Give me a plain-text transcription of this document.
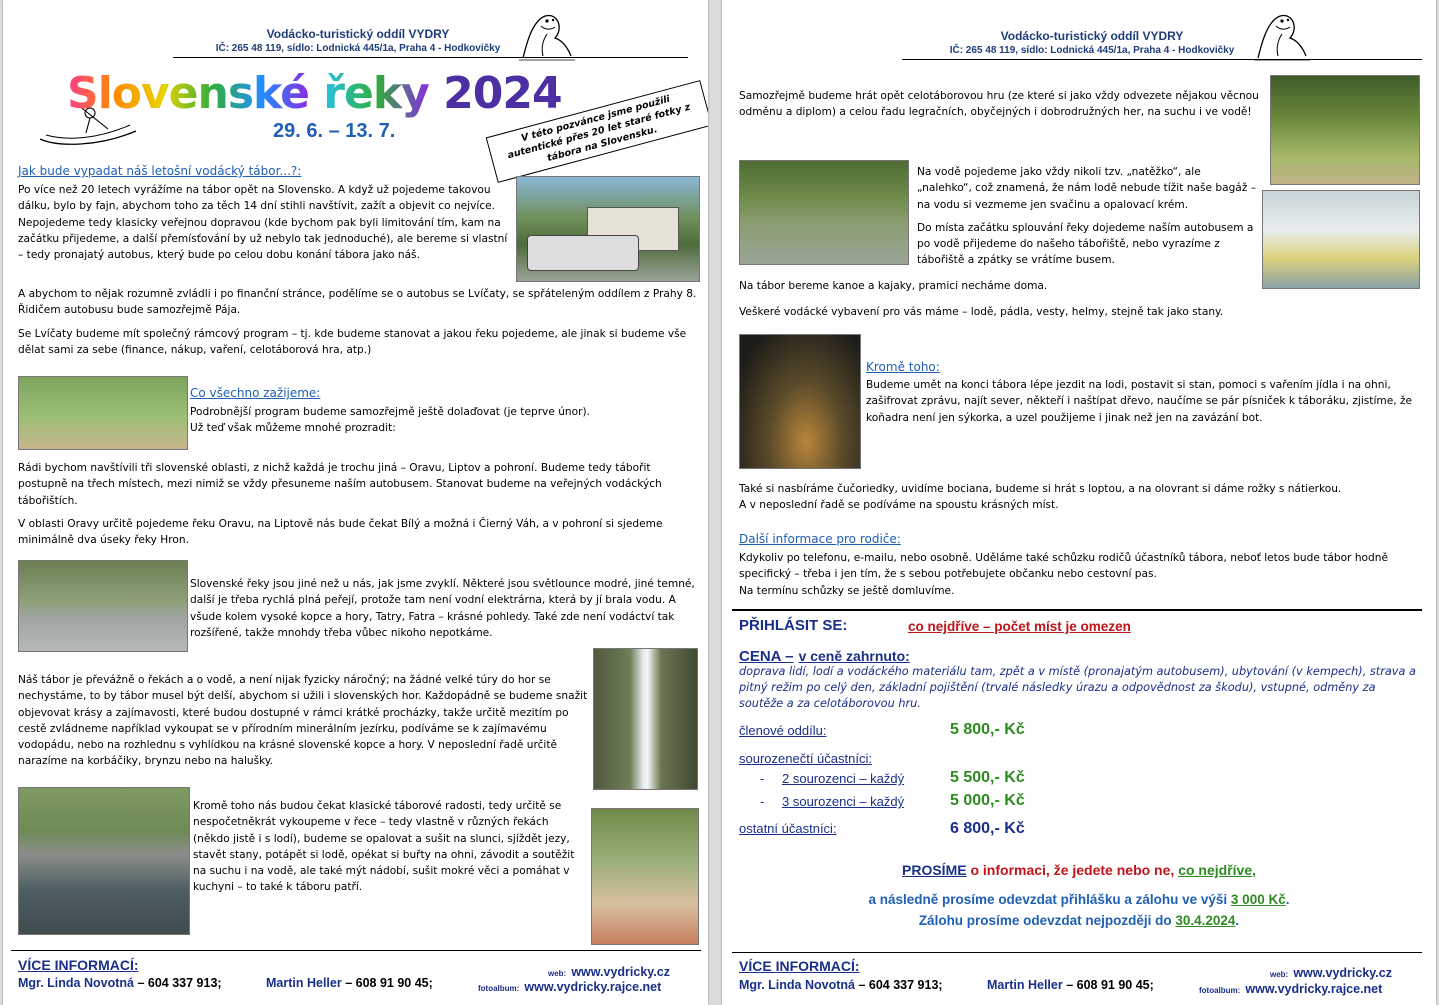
Vodácko-turistický oddíl VYDRY
IČ: 265 48 119, sídlo: Lodnická 445/1a, Praha 4 - Hodkovičky
Slovenské řeky 2024
29. 6. – 13. 7.	V této pozvánce jsme použili autentické přes 20 let staré fotky z tábora na Slovensku.
Jak bude vypadat náš letošní vodácký tábor...?:

Po více než 20 letech vyrážíme na tábor opět na Slovensko. A když už pojedeme takovou dálku, bylo by fajn, abychom toho za těch 14 dní stihli navštívit, zažít a objevit co nejvíce. Nepojedeme tedy klasicky veřejnou dopravou (kde bychom pak byli limitování tím, kam na začátku přijedeme, a další přemísťování by už nebylo tak jednoduché), ale bereme si vlastní – tedy pronajatý autobus, který bude po celou dobu konání tábora jako náš.

A abychom to nějak rozumně zvládli i po finanční stránce, podělíme se o autobus se Lvíčaty, se spřáteleným oddílem z Prahy 8. Řidičem autobusu bude samozřejmě Pája.

Se Lvíčaty budeme mít společný rámcový program – tj. kde budeme stanovat a jakou řeku pojedeme, ale jinak si budeme vše dělat sami za sebe (finance, nákup, vaření, celotáborová hra, atp.)

Co všechno zažijeme:
Podrobnější program budeme samozřejmě ještě dolaďovat (je teprve únor).
Už teď však můžeme mnohé prozradit:

Rádi bychom navštívili tři slovenské oblasti, z nichž každá je trochu jiná – Oravu, Liptov a pohroní. Budeme tedy tábořit postupně na třech místech, mezi nimiž se vždy přesuneme naším autobusem. Stanovat budeme na veřejných vodáckých tábořištích.

V oblasti Oravy určitě pojedeme řeku Oravu, na Liptově nás bude čekat Bílý a možná i Čierný Váh, a v pohroní si sjedeme minimálně dva úseky řeky Hron.

Slovenské řeky jsou jiné než u nás, jak jsme zvyklí. Některé jsou světlounce modré, jiné temné, další je třeba rychlá plná peřejí, protože tam není vodní elektrárna, která by jí brala vodu. A všude kolem vysoké kopce a hory, Tatry, Fatra – krásné pohledy. Také zde není vodáctví tak rozšířené, takže mnohdy třeba vůbec nikoho nepotkáme.

Náš tábor je převážně o řekách a o vodě, a není nijak fyzicky náročný; na žádné velké túry do hor se nechystáme, to by tábor musel být delší, abychom si užili i slovenských hor. Každopádně se budeme snažit objevovat krásy a zajímavosti, které budou dostupné v rámci krátké procházky, takže určitě mezitím po cestě zvládneme například vykoupat se v přírodním minerálním jezírku, podíváme se k zajímavému vodopádu, nebo na rozhlednu s vyhlídkou na krásné slovenské kopce a hory. V neposlední řadě určitě narazíme na korbáčiky, brynzu nebo na halušky.

Kromě toho nás budou čekat klasické táborové radosti, tedy určitě se nespočetněkrát vykoupeme v řece – tedy vlastně v různých řekách (někdo jistě i s lodí), budeme se opalovat a sušit na slunci, sjíždět jezy, stavět stany, potápět si lodě, opékat si buřty na ohni, závodit a soutěžit na suchu i na vodě, ale také mýt nádobí, sušit mokré věci a pomáhat v kuchyni – to také k táboru patří.

VÍCE INFORMACÍ:
Mgr. Linda Novotná – 604 337 913;	Martin Heller – 608 91 90 45;
web: www.vydricky.cz
fotoalbum: www.vydricky.rajce.net
Vodácko-turistický oddíl VYDRY
IČ: 265 48 119, sídlo: Lodnická 445/1a, Praha 4 - Hodkovičky

Samozřejmě budeme hrát opět celotáborovou hru (ze které si jako vždy odvezete nějakou věcnou odměnu a diplom) a celou řadu legračních, obyčejných i dobrodružných her, na suchu i ve vodě!

Na vodě pojedeme jako vždy nikoli tzv. „natěžko“, ale „nalehko“, což znamená, že nám lodě nebude tížit naše bagáž – na vodu si vezmeme jen svačinu a opalovací krém.

Do místa začátku splouvání řeky dojedeme naším autobusem a po vodě přijedeme do našeho tábořiště, nebo vyrazíme z tábořiště a zpátky se vrátíme busem.

Na tábor bereme kanoe a kajaky, pramici necháme doma.

Veškeré vodácké vybavení pro vás máme – lodě, pádla, vesty, helmy, stejně tak jako stany.

Kromě toho:

Budeme umět na konci tábora lépe jezdit na lodi, postavit si stan, pomoci s vařením jídla i na ohni, zašifrovat zprávu, najít sever, někteří i naštípat dřevo, naučíme se pár písniček k táboráku, zjistíme, že koňadra není jen sýkorka, a uzel použijeme i jinak než jen na zavázání bot.

Také si nasbíráme čučoriedky, uvidíme bociana, budeme si hrát s loptou, a na olovrant si dáme rožky s nátierkou.
A v neposlední řadě se podíváme na spoustu krásných míst.
Další informace pro rodiče:
Kdykoliv po telefonu, e-mailu, nebo osobně. Uděláme také schůzku rodičů účastníků tábora, neboť letos bude tábor hodně specifický – třeba i jen tím, že s sebou potřebujete občanku nebo cestovní pas.
Na termínu schůzky se ještě domluvíme.
PŘIHLÁSIT SE:	co nejdříve – počet míst je omezen
CENA – v ceně zahrnuto:
doprava lidí, lodí a vodáckého materiálu tam, zpět a v místě (pronajatým autobusem), ubytování (v kempech), strava a pitný režim po celý den, základní pojištění (trvalé následky úrazu a odpovědnost za škodu), vstupné, odměny za soutěže a za celotáborovou hru.
členové oddílu:	5 800,- Kč
sourozenečtí účastníci:
- 2 sourozenci – každý	5 500,- Kč
- 3 sourozenci – každý	5 000,- Kč
ostatní účastníci:	6 800,- Kč
PROSÍME o informaci, že jedete nebo ne, co nejdříve,
a následně prosíme odevzdat přihlášku a zálohu ve výši 3 000 Kč.
Zálohu prosíme odevzdat nejpozději do 30.4.2024.
VÍCE INFORMACÍ:
Mgr. Linda Novotná – 604 337 913;	Martin Heller – 608 91 90 45;
web: www.vydricky.cz
fotoalbum: www.vydricky.rajce.net
